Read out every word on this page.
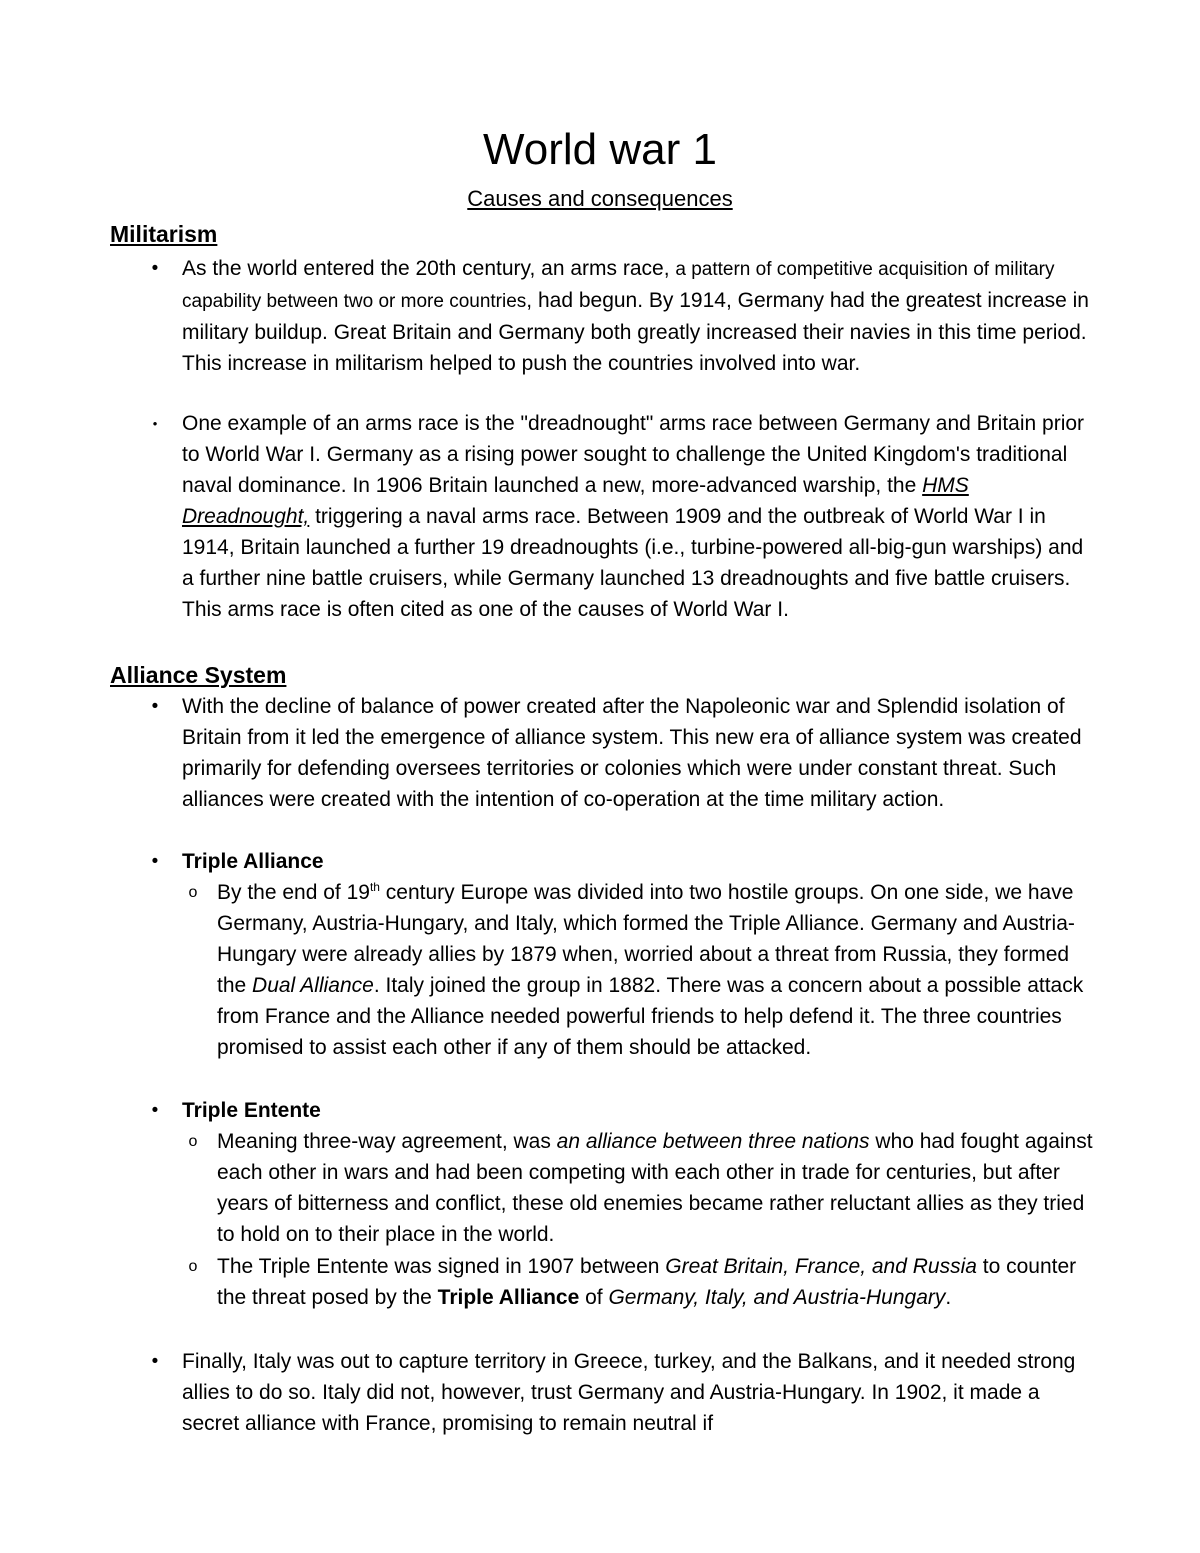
World war 1
Causes and consequences
Militarism
•	As the world entered the 20th century, an arms race, a pattern of competitive acquisition of military capability between two or more countries, had begun. By 1914, Germany had the greatest increase in military buildup. Great Britain and Germany both greatly increased their navies in this time period. This increase in militarism helped to push the countries involved into war.
•	One example of an arms race is the "dreadnought" arms race between Germany and Britain prior to World War I. Germany as a rising power sought to challenge the United Kingdom's traditional naval dominance. In 1906 Britain launched a new, more-advanced warship, the HMS Dreadnought, triggering a naval arms race. Between 1909 and the outbreak of World War I in 1914, Britain launched a further 19 dreadnoughts (i.e., turbine-powered all-big-gun warships) and a further nine battle cruisers, while Germany launched 13 dreadnoughts and five battle cruisers. This arms race is often cited as one of the causes of World War I.
Alliance System
•	With the decline of balance of power created after the Napoleonic war and Splendid isolation of Britain from it led the emergence of alliance system. This new era of alliance system was created primarily for defending oversees territories or colonies which were under constant threat. Such alliances were created with the intention of co-operation at the time military action.
•	Triple Alliance
o By the end of 19th century Europe was divided into two hostile groups. On one side, we have Germany, Austria-Hungary, and Italy, which formed the Triple Alliance. Germany and Austria-Hungary were already allies by 1879 when, worried about a threat from Russia, they formed the Dual Alliance. Italy joined the group in 1882. There was a concern about a possible attack from France and the Alliance needed powerful friends to help defend it. The three countries promised to assist each other if any of them should be attacked.
•	Triple Entente
o Meaning three-way agreement, was an alliance between three nations who had fought against each other in wars and had been competing with each other in trade for centuries, but after years of bitterness and conflict, these old enemies became rather reluctant allies as they tried to hold on to their place in the world.
o The Triple Entente was signed in 1907 between Great Britain, France, and Russia to counter the threat posed by the Triple Alliance of Germany, Italy, and Austria-Hungary.
•	Finally, Italy was out to capture territory in Greece, turkey, and the Balkans, and it needed strong allies to do so. Italy did not, however, trust Germany and Austria-Hungary. In 1902, it made a secret alliance with France, promising to remain neutral if
